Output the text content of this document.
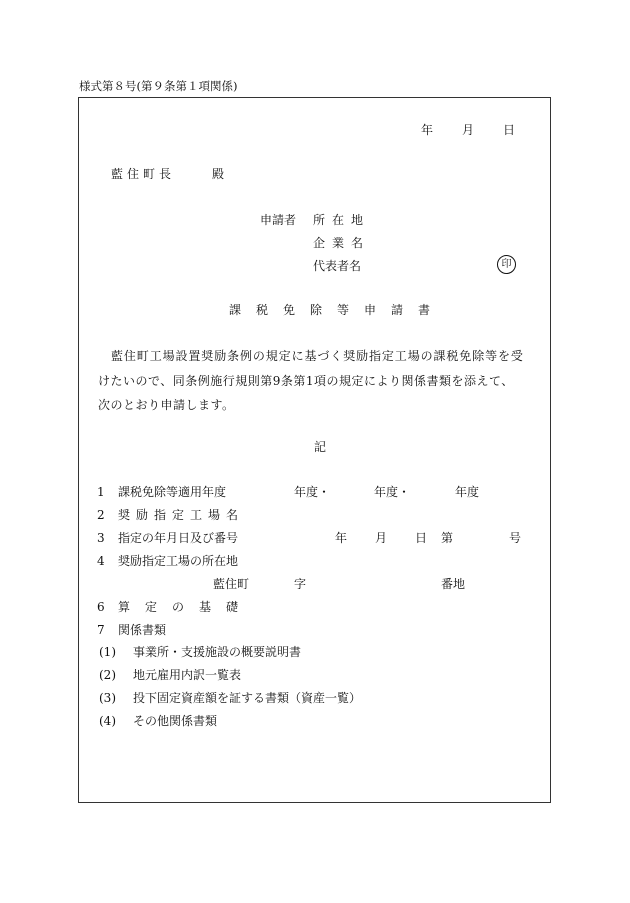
様式第８号(第９条第１項関係)
年 月 日
藍住町長	殿
申請者 所在地
企業名
代表者名	印
課税免除等申請書
藍住町工場設置奨励条例の規定に基づく奨励指定工場の課税免除等を受
けたいので、同条例施行規則第9条第1項の規定により関係書類を添えて、
次のとおり申請します。
記
1 課税免除等適用年度	年度・	年度・	年度
2 奨励指定工場名
3 指定の年月日及び番号	年 月 日 第	号
4 奨励指定工場の所在地
藍住町	字	番地
6 算定の基礎
7 関係書類
(1) 事業所・支援施設の概要説明書
(2) 地元雇用内訳一覧表
(3) 投下固定資産額を証する書類（資産一覧）
(4) その他関係書類
